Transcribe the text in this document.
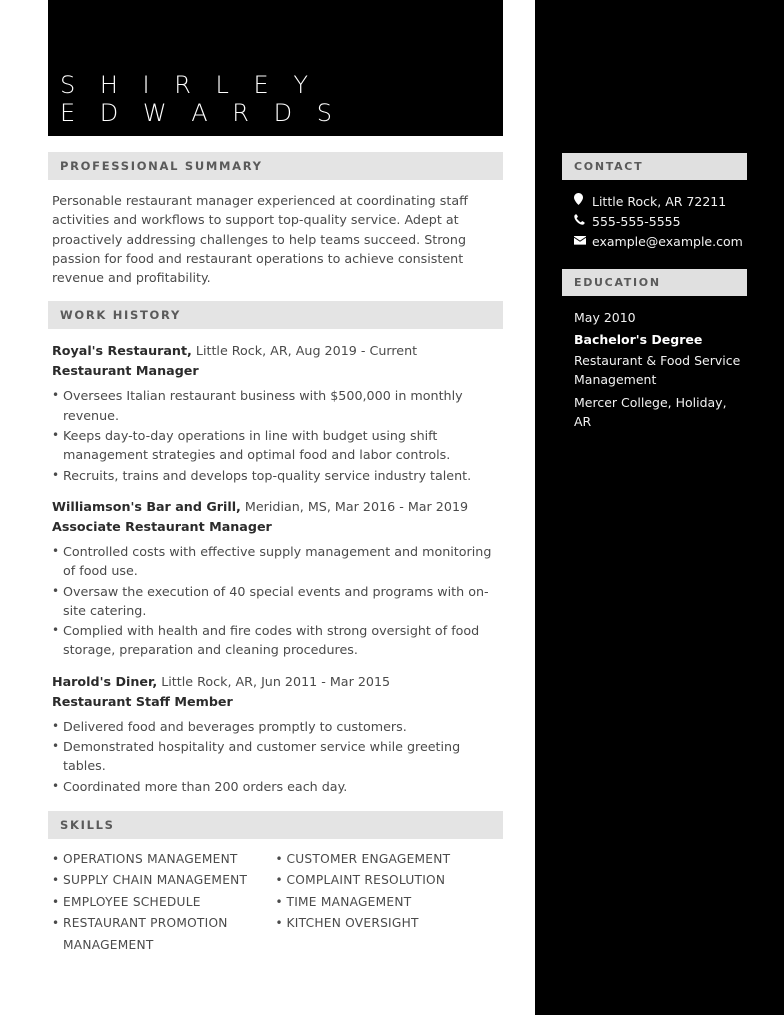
S H I R L E Y
E D W A R D S
PROFESSIONAL SUMMARY
Personable restaurant manager experienced at coordinating staff activities and workflows to support top-quality service. Adept at proactively addressing challenges to help teams succeed. Strong passion for food and restaurant operations to achieve consistent revenue and profitability.
WORK HISTORY
Royal's Restaurant, Little Rock, AR, Aug 2019 - Current
Restaurant Manager
• Oversees Italian restaurant business with $500,000 in monthly revenue.
• Keeps day-to-day operations in line with budget using shift management strategies and optimal food and labor controls.
• Recruits, trains and develops top-quality service industry talent.
Williamson's Bar and Grill, Meridian, MS, Mar 2016 - Mar 2019
Associate Restaurant Manager
• Controlled costs with effective supply management and monitoring of food use.
• Oversaw the execution of 40 special events and programs with on-site catering.
• Complied with health and fire codes with strong oversight of food storage, preparation and cleaning procedures.
Harold's Diner, Little Rock, AR, Jun 2011 - Mar 2015
Restaurant Staff Member
• Delivered food and beverages promptly to customers.
• Demonstrated hospitality and customer service while greeting tables.
• Coordinated more than 200 orders each day.
SKILLS
• OPERATIONS MANAGEMENT
• SUPPLY CHAIN MANAGEMENT
• EMPLOYEE SCHEDULE
• RESTAURANT PROMOTION MANAGEMENT
• CUSTOMER ENGAGEMENT
• COMPLAINT RESOLUTION
• TIME MANAGEMENT
• KITCHEN OVERSIGHT
CONTACT
Little Rock, AR 72211
555-555-5555
example@example.com
EDUCATION
May 2010
Bachelor's Degree
Restaurant & Food Service Management
Mercer College, Holiday, AR
